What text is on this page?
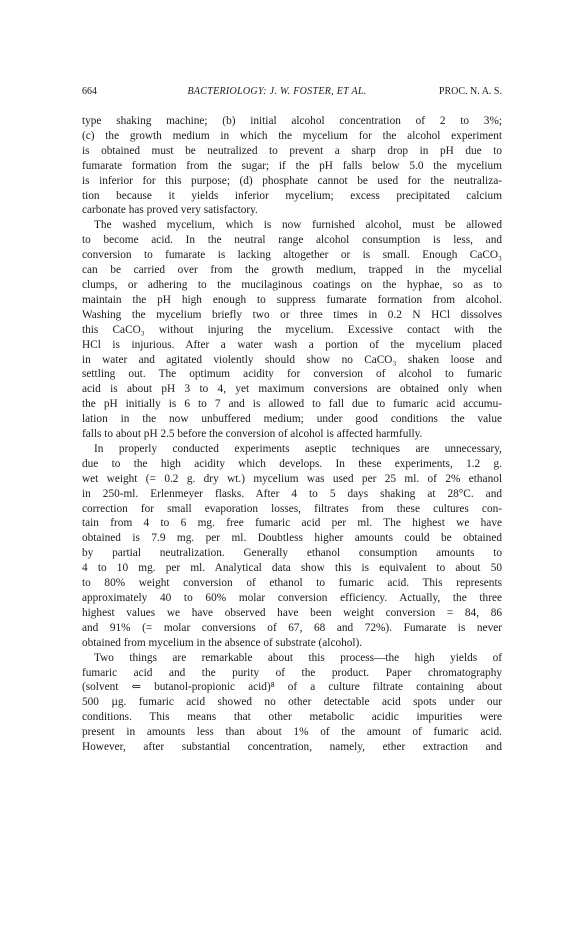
664	BACTERIOLOGY: J. W. FOSTER, ET AL.	PROC. N. A. S.

type shaking machine; (b) initial alcohol concentration of 2 to 3%;
(c) the growth medium in which the mycelium for the alcohol experiment
is obtained must be neutralized to prevent a sharp drop in pH due to
fumarate formation from the sugar; if the pH falls below 5.0 the mycelium
is inferior for this purpose; (d) phosphate cannot be used for the neutraliza-
tion because it yields inferior mycelium; excess precipitated calcium
carbonate has proved very satisfactory.

The washed mycelium, which is now furnished alcohol, must be allowed
to become acid. In the neutral range alcohol consumption is less, and
conversion to fumarate is lacking altogether or is small. Enough CaCO₃
can be carried over from the growth medium, trapped in the mycelial
clumps, or adhering to the mucilaginous coatings on the hyphae, so as to
maintain the pH high enough to suppress fumarate formation from alcohol.
Washing the mycelium briefly two or three times in 0.2 N HCl dissolves
this CaCO₃ without injuring the mycelium. Excessive contact with the
HCl is injurious. After a water wash a portion of the mycelium placed
in water and agitated violently should show no CaCO₃ shaken loose and
settling out. The optimum acidity for conversion of alcohol to fumaric
acid is about pH 3 to 4, yet maximum conversions are obtained only when
the pH initially is 6 to 7 and is allowed to fall due to fumaric acid accumu-
lation in the now unbuffered medium; under good conditions the value
falls to about pH 2.5 before the conversion of alcohol is affected harmfully.

In properly conducted experiments aseptic techniques are unnecessary,
due to the high acidity which develops. In these experiments, 1.2 g.
wet weight (= 0.2 g. dry wt.) mycelium was used per 25 ml. of 2% ethanol
in 250-ml. Erlenmeyer flasks. After 4 to 5 days shaking at 28°C. and
correction for small evaporation losses, filtrates from these cultures con-
tain from 4 to 6 mg. free fumaric acid per ml. The highest we have
obtained is 7.9 mg. per ml. Doubtless higher amounts could be obtained
by partial neutralization. Generally ethanol consumption amounts to
4 to 10 mg. per ml. Analytical data show this is equivalent to about 50
to 80% weight conversion of ethanol to fumaric acid. This represents
approximately 40 to 60% molar conversion efficiency. Actually, the three
highest values we have observed have been weight conversion = 84, 86
and 91% (= molar conversions of 67, 68 and 72%). Fumarate is never
obtained from mycelium in the absence of substrate (alcohol).

Two things are remarkable about this process—the high yields of
fumaric acid and the purity of the product. Paper chromatography
(solvent ⇐ butanol-propionic acid)⁸ of a culture filtrate containing about
500 µg. fumaric acid showed no other detectable acid spots under our
conditions. This means that other metabolic acidic impurities were
present in amounts less than about 1% of the amount of fumaric acid.
However, after substantial concentration, namely, ether extraction and
